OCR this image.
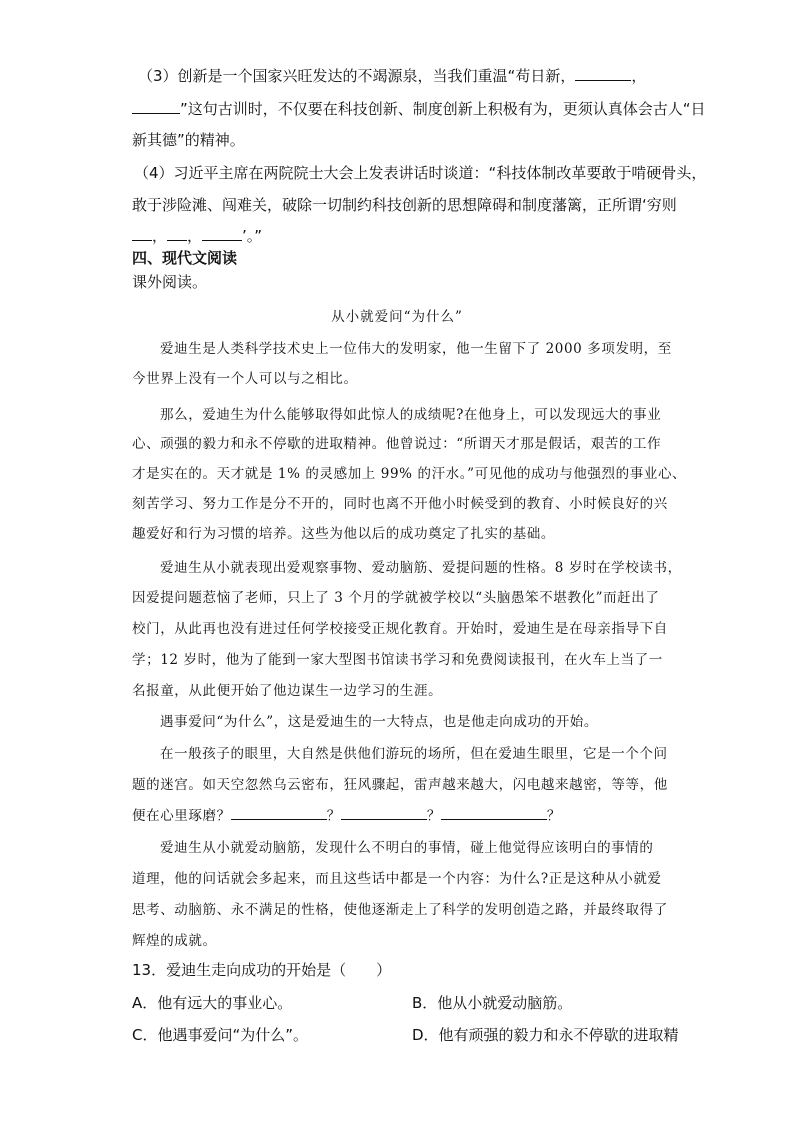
（3）创新是一个国家兴旺发达的不竭源泉，当我们重温“苟日新，	，
”这句古训时，不仅要在科技创新、制度创新上积极有为，更须认真体会古人“日
新其德”的精神。
（4）习近平主席在两院院士大会上发表讲话时谈道：“科技体制改革要敢于啃硬骨头，
敢于涉险滩、闯难关，破除一切制约科技创新的思想障碍和制度藩篱，正所谓‘穷则
， ，	’。”
四、现代文阅读
课外阅读。
从小就爱问“为什么”
爱迪生是人类科学技术史上一位伟大的发明家，他一生留下了 2000 多项发明，至
今世界上没有一个人可以与之相比。
那么，爱迪生为什么能够取得如此惊人的成绩呢?在他身上，可以发现远大的事业
心、顽强的毅力和永不停歇的进取精神。他曾说过：“所谓天才那是假话，艰苦的工作
才是实在的。天才就是 1% 的灵感加上 99% 的汗水。”可见他的成功与他强烈的事业心、
刻苦学习、努力工作是分不开的，同时也离不开他小时候受到的教育、小时候良好的兴
趣爱好和行为习惯的培养。这些为他以后的成功奠定了扎实的基础。
爱迪生从小就表现出爱观察事物、爱动脑筋、爱提问题的性格。8 岁时在学校读书，
因爱提问题惹恼了老师，只上了 3 个月的学就被学校以“头脑愚笨不堪教化”而赶出了
校门，从此再也没有进过任何学校接受正规化教育。开始时，爱迪生是在母亲指导下自
学；12 岁时，他为了能到一家大型图书馆读书学习和免费阅读报刊，在火车上当了一
名报童，从此便开始了他边谋生一边学习的生涯。
遇事爱问“为什么”，这是爱迪生的一大特点，也是他走向成功的开始。
在一般孩子的眼里，大自然是供他们游玩的场所，但在爱迪生眼里，它是一个个问
题的迷宫。如天空忽然乌云密布，狂风骤起，雷声越来越大，闪电越来越密，等等，他
便在心里琢磨？	？	？	？
爱迪生从小就爱动脑筋，发现什么不明白的事情，碰上他觉得应该明白的事情的
道理，他的问话就会多起来，而且这些话中都是一个内容：为什么?正是这种从小就爱
思考、动脑筋、永不满足的性格，使他逐渐走上了科学的发明创造之路，并最终取得了
辉煌的成就。
13．爱迪生走向成功的开始是（　　）
A．他有远大的事业心。	B．他从小就爱动脑筋。
C．他遇事爱问“为什么”。	D．他有顽强的毅力和永不停歇的进取精
